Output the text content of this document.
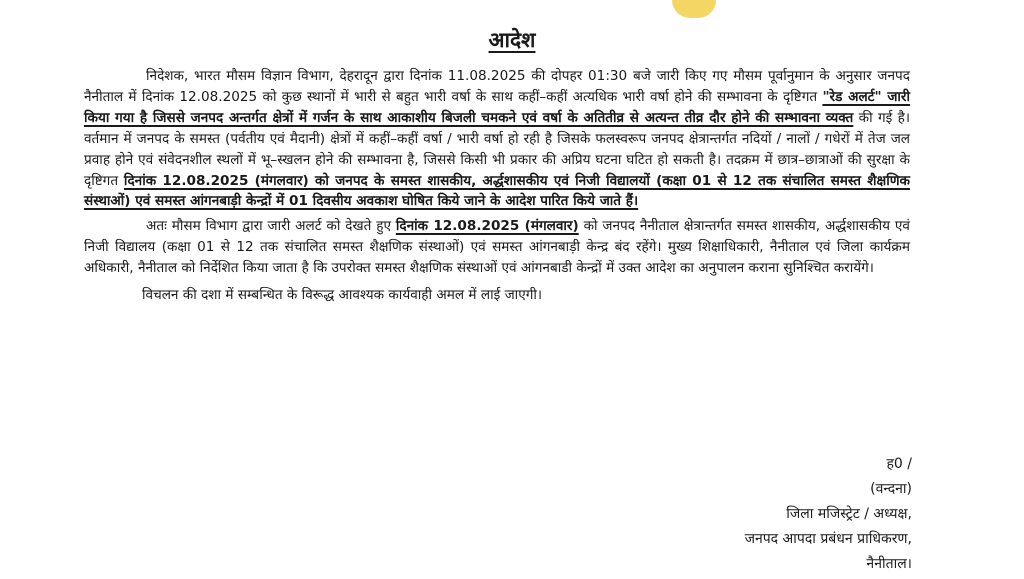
आदेश

निदेशक, भारत मौसम विज्ञान विभाग, देहरादून द्वारा दिनांक 11.08.2025 की दोपहर 01:30 बजे जारी किए गए मौसम पूर्वानुमान के अनुसार जनपद नैनीताल में दिनांक 12.08.2025 को कुछ स्थानों में भारी से बहुत भारी वर्षा के साथ कहीं–कहीं अत्यधिक भारी वर्षा होने की सम्भावना के दृष्टिगत "रेड अलर्ट" जारी किया गया है जिससे जनपद अन्तर्गत क्षेत्रों में गर्जन के साथ आकाशीय बिजली चमकने एवं वर्षा के अतितीव्र से अत्यन्त तीव्र दौर होने की सम्भावना व्यक्त की गई है। वर्तमान में जनपद के समस्त (पर्वतीय एवं मैदानी) क्षेत्रों में कहीं–कहीं वर्षा / भारी वर्षा हो रही है जिसके फलस्वरूप जनपद क्षेत्रान्तर्गत नदियों / नालों / गधेरों में तेज जल प्रवाह होने एवं संवेदनशील स्थलों में भू–स्खलन होने की सम्भावना है, जिससे किसी भी प्रकार की अप्रिय घटना घटित हो सकती है। तदक्रम में छात्र–छात्राओं की सुरक्षा के दृष्टिगत दिनांक 12.08.2025 (मंगलवार) को जनपद के समस्त शासकीय, अर्द्धशासकीय एवं निजी विद्यालयों (कक्षा 01 से 12 तक संचालित समस्त शैक्षणिक संस्थाओं) एवं समस्त आंगनबाड़ी केन्द्रों में 01 दिवसीय अवकाश घोषित किये जाने के आदेश पारित किये जाते हैं।

अतः मौसम विभाग द्वारा जारी अलर्ट को देखते हुए दिनांक 12.08.2025 (मंगलवार) को जनपद नैनीताल क्षेत्रान्तर्गत समस्त शासकीय, अर्द्धशासकीय एवं निजी विद्यालय (कक्षा 01 से 12 तक संचालित समस्त शैक्षणिक संस्थाओं) एवं समस्त आंगनबाड़ी केन्द्र बंद रहेंगे। मुख्य शिक्षाधिकारी, नैनीताल एवं जिला कार्यक्रम अधिकारी, नैनीताल को निर्देशित किया जाता है कि उपरोक्त समस्त शैक्षणिक संस्थाओं एवं आंगनबाडी केन्द्रों में उक्त आदेश का अनुपालन कराना सुनिश्चित करायेंगे।

विचलन की दशा में सम्बन्धित के विरूद्ध आवश्यक कार्यवाही अमल में लाई जाएगी।

ह0 /
(वन्दना)
जिला मजिस्ट्रेट / अध्यक्ष,
जनपद आपदा प्रबंधन प्राधिकरण,
नैनीताल।
